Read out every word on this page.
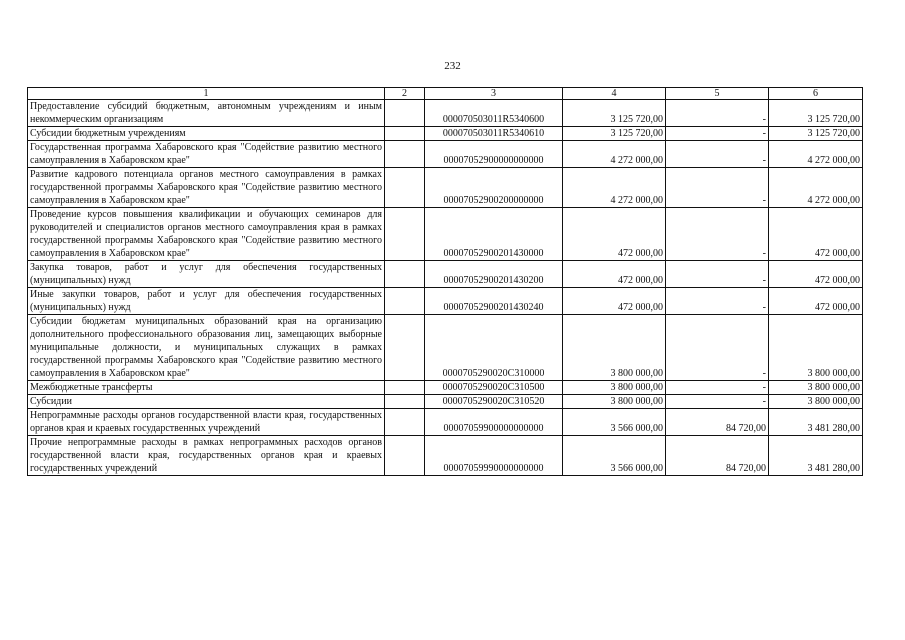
232
1	2	3	4	5	6
Предоставление субсидий бюджетным, автономным учреждениям и иным некоммерческим организациям		000070503011R5340600	3 125 720,00	-	3 125 720,00
Субсидии бюджетным учреждениям		000070503011R5340610	3 125 720,00	-	3 125 720,00
Государственная программа Хабаровского края "Содействие развитию местного самоуправления в Хабаровском крае"		00007052900000000000	4 272 000,00	-	4 272 000,00
Развитие кадрового потенциала органов местного самоуправления в рамках государственной программы Хабаровского края "Содействие развитию местного самоуправления в Хабаровском крае"		00007052900200000000	4 272 000,00	-	4 272 000,00
Проведение курсов повышения квалификации и обучающих семинаров для руководителей и специалистов органов местного самоуправления края в рамках государственной программы Хабаровского края "Содействие развитию местного самоуправления в Хабаровском крае"		00007052900201430000	472 000,00	-	472 000,00
Закупка товаров, работ и услуг для обеспечения государственных (муниципальных) нужд		00007052900201430200	472 000,00	-	472 000,00
Иные закупки товаров, работ и услуг для обеспечения государственных (муниципальных) нужд		00007052900201430240	472 000,00	-	472 000,00
Субсидии бюджетам муниципальных образований края на организацию дополнительного профессионального образования лиц, замещающих выборные муниципальные должности, и муниципальных служащих в рамках государственной программы Хабаровского края "Содействие развитию местного самоуправления в Хабаровском крае"		0000705290020C310000	3 800 000,00	-	3 800 000,00
Межбюджетные трансферты		0000705290020C310500	3 800 000,00	-	3 800 000,00
Субсидии		0000705290020C310520	3 800 000,00	-	3 800 000,00
Непрограммные расходы органов государственной власти края, государственных органов края и краевых государственных учреждений		00007059900000000000	3 566 000,00	84 720,00	3 481 280,00
Прочие непрограммные расходы в рамках непрограммных расходов органов государственной власти края, государственных органов края и краевых государственных учреждений		00007059990000000000	3 566 000,00	84 720,00	3 481 280,00
